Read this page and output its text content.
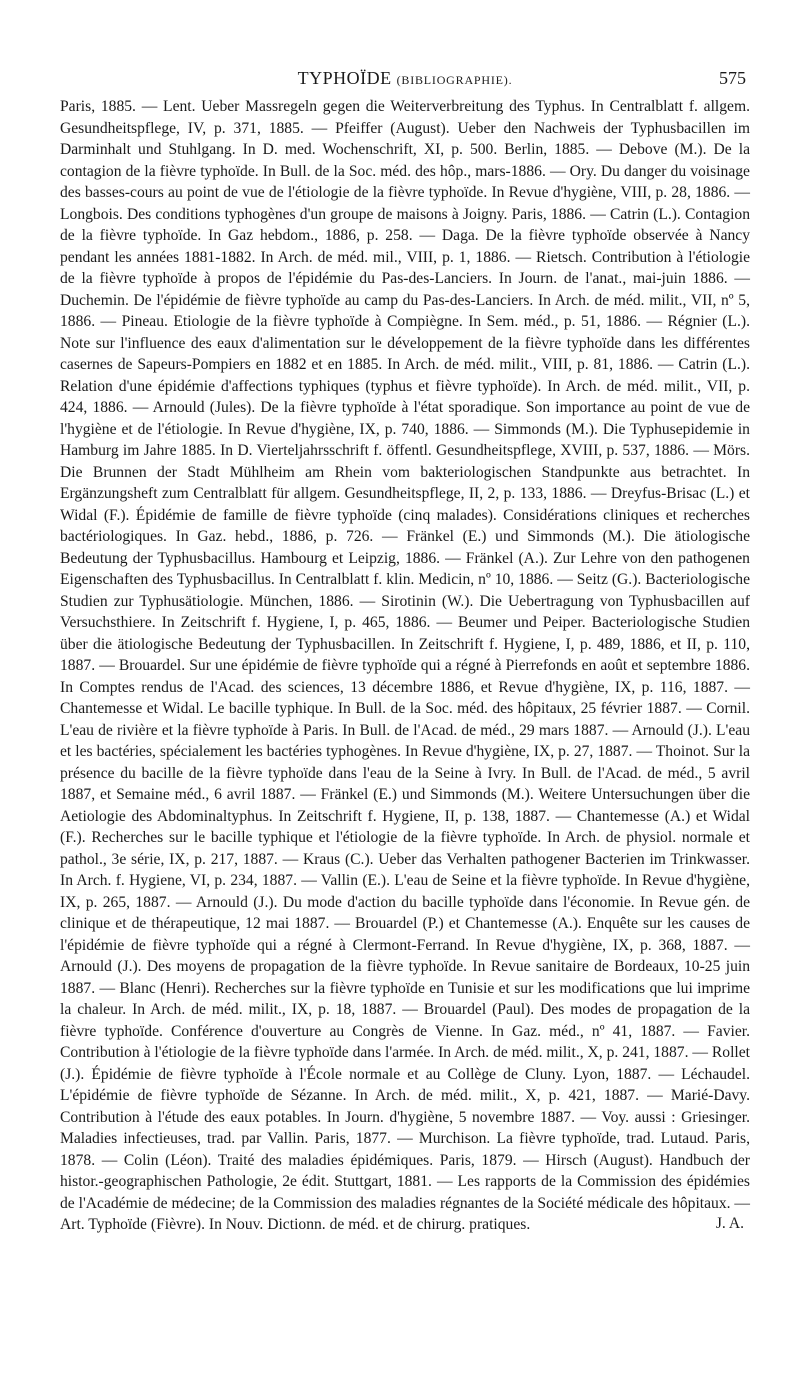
TYPHOÏDE (BIBLIOGRAPHIE).	575

Paris, 1885. — Lent. Ueber Massregeln gegen die Weiterverbreitung des Typhus. In Centralblatt f. allgem. Gesundheitspflege, IV, p. 371, 1885. — Pfeiffer (August). Ueber den Nachweis der Typhusbacillen im Darminhalt und Stuhlgang. In D. med. Wochenschrift, XI, p. 500. Berlin, 1885. — Debove (M.). De la contagion de la fièvre typhoïde. In Bull. de la Soc. méd. des hôp., mars-1886. — Ory. Du danger du voisinage des basses-cours au point de vue de l'étiologie de la fièvre typhoïde. In Revue d'hygiène, VIII, p. 28, 1886. — Longbois. Des conditions typhogènes d'un groupe de maisons à Joigny. Paris, 1886. — Catrin (L.). Contagion de la fièvre typhoïde. In Gaz hebdom., 1886, p. 258. — Daga. De la fièvre typhoïde observée à Nancy pendant les années 1881-1882. In Arch. de méd. mil., VIII, p. 1, 1886. — Rietsch. Contribution à l'étiologie de la fièvre typhoïde à propos de l'épidémie du Pas-des-Lanciers. In Journ. de l'anat., mai-juin 1886. — Duchemin. De l'épidémie de fièvre typhoïde au camp du Pas-des-Lanciers. In Arch. de méd. milit., VII, nº 5, 1886. — Pineau. Etiologie de la fièvre typhoïde à Compiègne. In Sem. méd., p. 51, 1886. — Régnier (L.). Note sur l'influence des eaux d'alimentation sur le développement de la fièvre typhoïde dans les différentes casernes de Sapeurs-Pompiers en 1882 et en 1885. In Arch. de méd. milit., VIII, p. 81, 1886. — Catrin (L.). Relation d'une épidémie d'affections typhiques (typhus et fièvre typhoïde). In Arch. de méd. milit., VII, p. 424, 1886. — Arnould (Jules). De la fièvre typhoïde à l'état sporadique. Son importance au point de vue de l'hygiène et de l'étiologie. In Revue d'hygiène, IX, p. 740, 1886. — Simmonds (M.). Die Typhusepidemie in Hamburg im Jahre 1885. In D. Vierteljahrsschrift f. öffentl. Gesundheitspflege, XVIII, p. 537, 1886. — Mörs. Die Brunnen der Stadt Mühlheim am Rhein vom bakteriologischen Standpunkte aus betrachtet. In Ergänzungsheft zum Centralblatt für allgem. Gesundheitspflege, II, 2, p. 133, 1886. — Dreyfus-Brisac (L.) et Widal (F.). Épidémie de famille de fièvre typhoïde (cinq malades). Considérations cliniques et recherches bactériologiques. In Gaz. hebd., 1886, p. 726. — Fränkel (E.) und Simmonds (M.). Die ätiologische Bedeutung der Typhusbacillus. Hambourg et Leipzig, 1886. — Fränkel (A.). Zur Lehre von den pathogenen Eigenschaften des Typhusbacillus. In Centralblatt f. klin. Medicin, nº 10, 1886. — Seitz (G.). Bacteriologische Studien zur Typhusätiologie. München, 1886. — Sirotinin (W.). Die Uebertragung von Typhusbacillen auf Versuchsthiere. In Zeitschrift f. Hygiene, I, p. 465, 1886. — Beumer und Peiper. Bacteriologische Studien über die ätiologische Bedeutung der Typhusbacillen. In Zeitschrift f. Hygiene, I, p. 489, 1886, et II, p. 110, 1887. — Brouardel. Sur une épidémie de fièvre typhoïde qui a régné à Pierrefonds en août et septembre 1886. In Comptes rendus de l'Acad. des sciences, 13 décembre 1886, et Revue d'hygiène, IX, p. 116, 1887. — Chantemesse et Widal. Le bacille typhique. In Bull. de la Soc. méd. des hôpitaux, 25 février 1887. — Cornil. L'eau de rivière et la fièvre typhoïde à Paris. In Bull. de l'Acad. de méd., 29 mars 1887. — Arnould (J.). L'eau et les bactéries, spécialement les bactéries typhogènes. In Revue d'hygiène, IX, p. 27, 1887. — Thoinot. Sur la présence du bacille de la fièvre typhoïde dans l'eau de la Seine à Ivry. In Bull. de l'Acad. de méd., 5 avril 1887, et Semaine méd., 6 avril 1887. — Fränkel (E.) und Simmonds (M.). Weitere Untersuchungen über die Aetiologie des Abdominaltyphus. In Zeitschrift f. Hygiene, II, p. 138, 1887. — Chantemesse (A.) et Widal (F.). Recherches sur le bacille typhique et l'étiologie de la fièvre typhoïde. In Arch. de physiol. normale et pathol., 3e série, IX, p. 217, 1887. — Kraus (C.). Ueber das Verhalten pathogener Bacterien im Trinkwasser. In Arch. f. Hygiene, VI, p. 234, 1887. — Vallin (E.). L'eau de Seine et la fièvre typhoïde. In Revue d'hygiène, IX, p. 265, 1887. — Arnould (J.). Du mode d'action du bacille typhoïde dans l'économie. In Revue gén. de clinique et de thérapeutique, 12 mai 1887. — Brouardel (P.) et Chantemesse (A.). Enquête sur les causes de l'épidémie de fièvre typhoïde qui a régné à Clermont-Ferrand. In Revue d'hygiène, IX, p. 368, 1887. — Arnould (J.). Des moyens de propagation de la fièvre typhoïde. In Revue sanitaire de Bordeaux, 10-25 juin 1887. — Blanc (Henri). Recherches sur la fièvre typhoïde en Tunisie et sur les modifications que lui imprime la chaleur. In Arch. de méd. milit., IX, p. 18, 1887. — Brouardel (Paul). Des modes de propagation de la fièvre typhoïde. Conférence d'ouverture au Congrès de Vienne. In Gaz. méd., nº 41, 1887. — Favier. Contribution à l'étiologie de la fièvre typhoïde dans l'armée. In Arch. de méd. milit., X, p. 241, 1887. — Rollet (J.). Épidémie de fièvre typhoïde à l'École normale et au Collège de Cluny. Lyon, 1887. — Léchaudel. L'épidémie de fièvre typhoïde de Sézanne. In Arch. de méd. milit., X, p. 421, 1887. — Marié-Davy. Contribution à l'étude des eaux potables. In Journ. d'hygiène, 5 novembre 1887. — Voy. aussi : Griesinger. Maladies infectieuses, trad. par Vallin. Paris, 1877. — Murchison. La fièvre typhoïde, trad. Lutaud. Paris, 1878. — Colin (Léon). Traité des maladies épidémiques. Paris, 1879. — Hirsch (August). Handbuch der histor.-geographischen Pathologie, 2e édit. Stuttgart, 1881. — Les rapports de la Commission des épidémies de l'Académie de médecine; de la Commission des maladies régnantes de la Société médicale des hôpitaux. — Art. Typhoïde (Fièvre). In Nouv. Dictionn. de méd. et de chirurg. pratiques.	J. A.
